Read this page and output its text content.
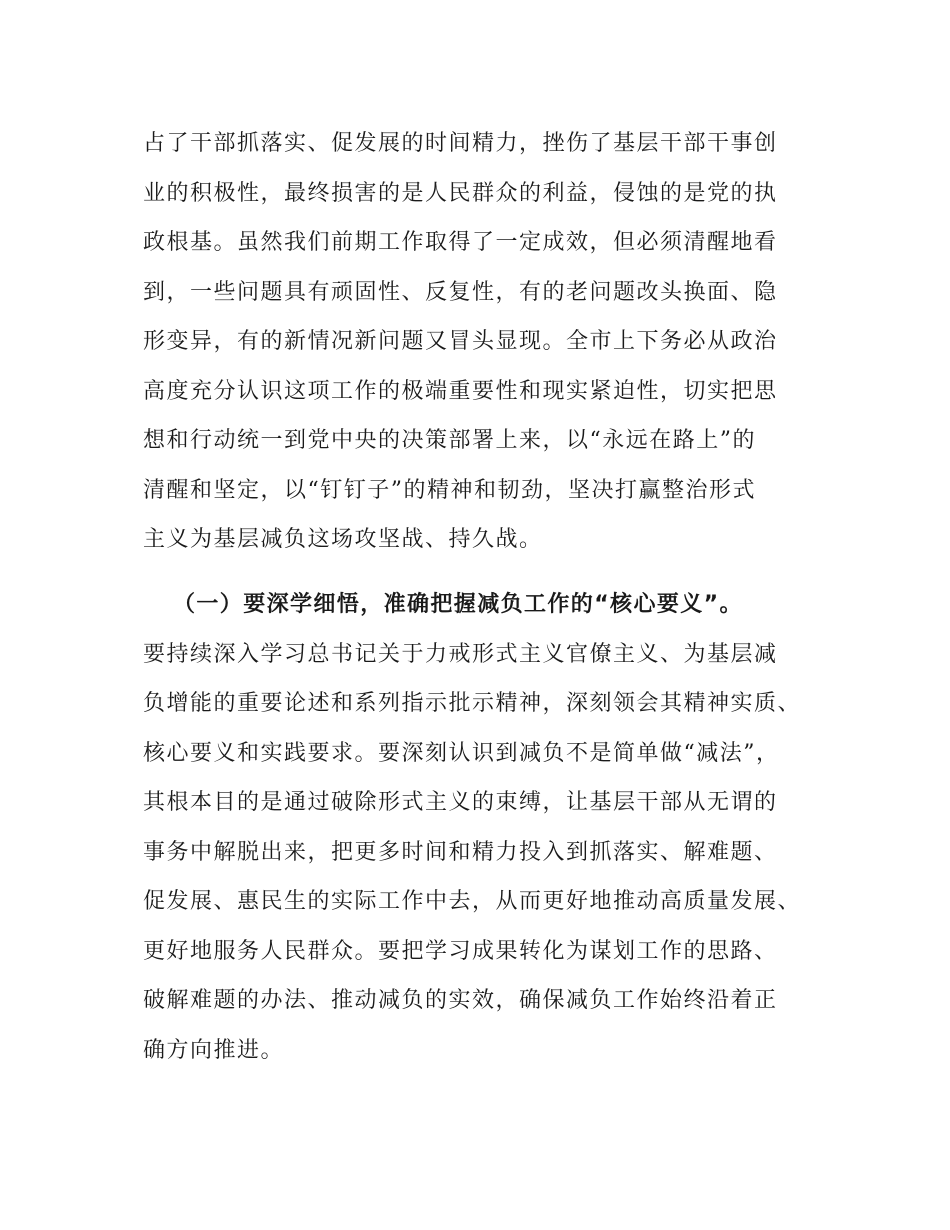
占了干部抓落实、促发展的时间精力，挫伤了基层干部干事创
业的积极性，最终损害的是人民群众的利益，侵蚀的是党的执
政根基。虽然我们前期工作取得了一定成效，但必须清醒地看
到，一些问题具有顽固性、反复性，有的老问题改头换面、隐
形变异，有的新情况新问题又冒头显现。全市上下务必从政治
高度充分认识这项工作的极端重要性和现实紧迫性，切实把思
想和行动统一到党中央的决策部署上来，以“永远在路上”的
清醒和坚定，以“钉钉子”的精神和韧劲，坚决打赢整治形式
主义为基层减负这场攻坚战、持久战。
（一）要深学细悟，准确把握减负工作的“核心要义”。
要持续深入学习总书记关于力戒形式主义官僚主义、为基层减
负增能的重要论述和系列指示批示精神，深刻领会其精神实质、
核心要义和实践要求。要深刻认识到减负不是简单做“减法”，
其根本目的是通过破除形式主义的束缚，让基层干部从无谓的
事务中解脱出来，把更多时间和精力投入到抓落实、解难题、
促发展、惠民生的实际工作中去，从而更好地推动高质量发展、
更好地服务人民群众。要把学习成果转化为谋划工作的思路、
破解难题的办法、推动减负的实效，确保减负工作始终沿着正
确方向推进。
